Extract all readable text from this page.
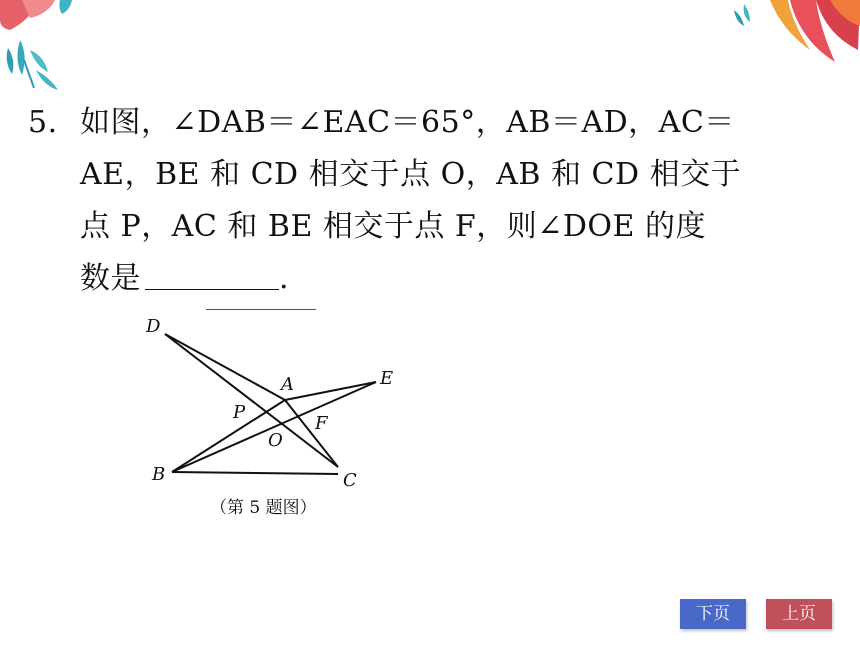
5. 如图，∠DAB＝∠EAC＝65°，AB＝AD，AC＝
AE，BE 和 CD 相交于点 O，AB 和 CD 相交于
点 P，AC 和 BE 相交于点 F，则∠DOE 的度
数是	.
D
A	E
P
F
O
B	C
（第 5 题图）
下页	上页
